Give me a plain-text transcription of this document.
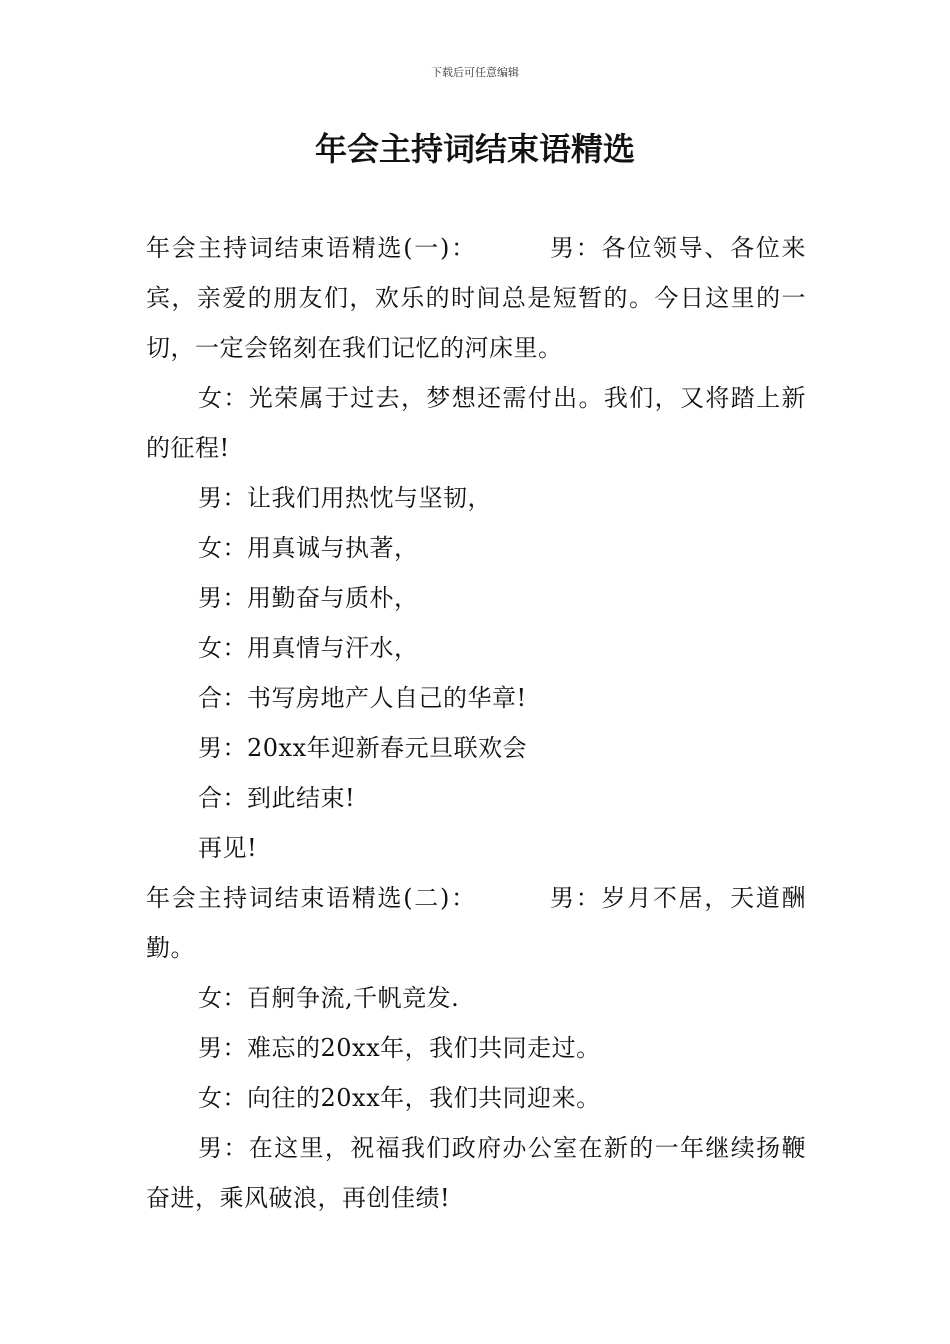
下载后可任意编辑
年会主持词结束语精选

年会主持词结束语精选(一)：	男：各位领导、各位来宾，亲爱的朋友们，欢乐的时间总是短暂的。今日这里的一切，一定会铭刻在我们记忆的河床里。

女：光荣属于过去，梦想还需付出。我们，又将踏上新的征程!

男：让我们用热忱与坚韧，

女：用真诚与执著，

男：用勤奋与质朴，

女：用真情与汗水，

合：书写房地产人自己的华章!

男：20xx年迎新春元旦联欢会

合：到此结束!

再见!

年会主持词结束语精选(二)：	男：岁月不居，天道酬勤。

女：百舸争流,千帆竞发.

男：难忘的20xx年，我们共同走过。

女：向往的20xx年，我们共同迎来。

男：在这里，祝福我们政府办公室在新的一年继续扬鞭奋进，乘风破浪，再创佳绩!
